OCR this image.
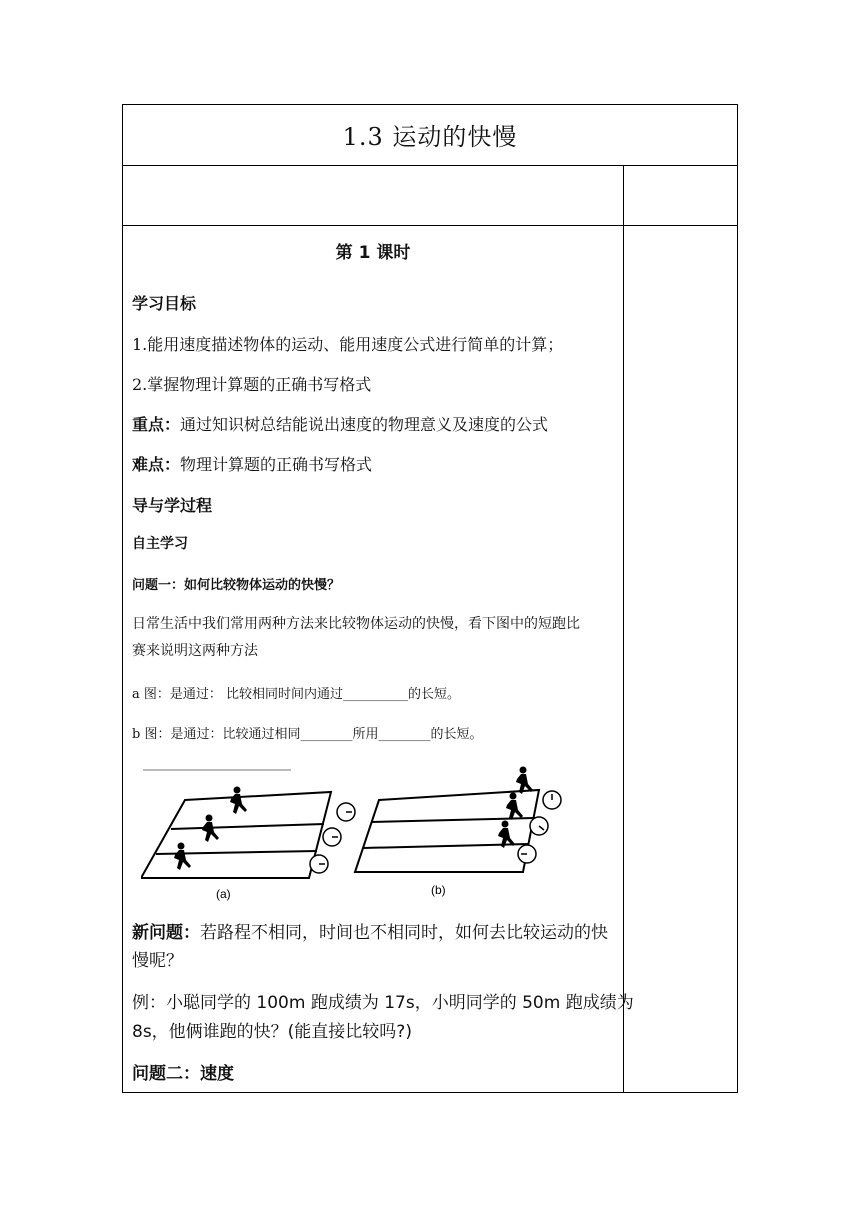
1.3 运动的快慢
第 1 课时
学习目标
1.能用速度描述物体的运动、能用速度公式进行简单的计算；
2.掌握物理计算题的正确书写格式
重点：通过知识树总结能说出速度的物理意义及速度的公式
难点：物理计算题的正确书写格式
导与学过程
自主学习
问题一：如何比较物体运动的快慢？
日常生活中我们常用两种方法来比较物体运动的快慢，看下图中的短跑比
赛来说明这两种方法
a 图：是通过： 比较相同时间内通过__________的长短。
b 图：是通过：比较通过相同________所用________的长短。
(a)	(b)
新问题：若路程不相同，时间也不相同时，如何去比较运动的快
慢呢？
例：小聪同学的 100m 跑成绩为 17s，小明同学的 50m 跑成绩为
8s，他俩谁跑的快？(能直接比较吗?)
问题二：速度
